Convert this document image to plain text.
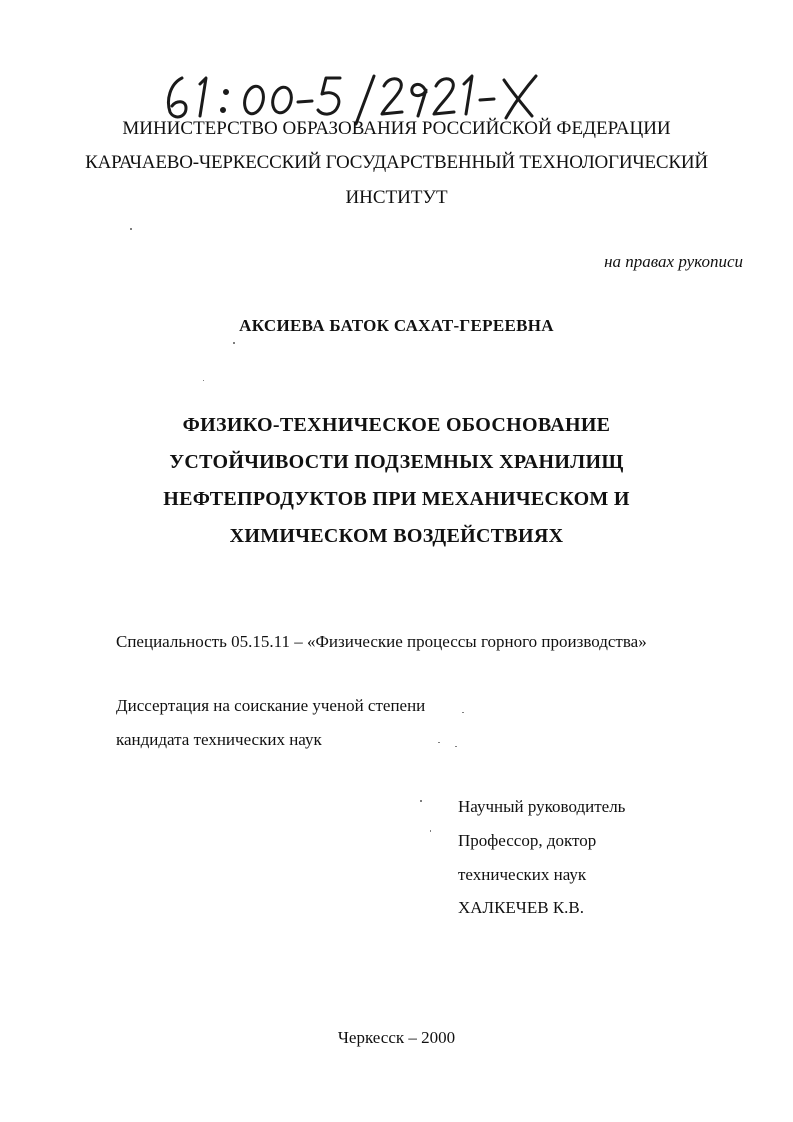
МИНИСТЕРСТВО ОБРАЗОВАНИЯ РОССИЙСКОЙ ФЕДЕРАЦИИ
КАРАЧАЕВО-ЧЕРКЕССКИЙ ГОСУДАРСТВЕННЫЙ ТЕХНОЛОГИЧЕСКИЙ
ИНСТИТУТ
на правах рукописи
АКСИЕВА БАТОК САХАТ-ГЕРЕЕВНА
ФИЗИКО-ТЕХНИЧЕСКОЕ ОБОСНОВАНИЕ
УСТОЙЧИВОСТИ ПОДЗЕМНЫХ ХРАНИЛИЩ
НЕФТЕПРОДУКТОВ ПРИ МЕХАНИЧЕСКОМ И
ХИМИЧЕСКОМ ВОЗДЕЙСТВИЯХ
Специальность 05.15.11 – «Физические процессы горного производства»
Диссертация на соискание ученой степени
кандидата технических наук
Научный руководитель
Профессор, доктор
технических наук
ХАЛКЕЧЕВ К.В.
Черкесск – 2000
